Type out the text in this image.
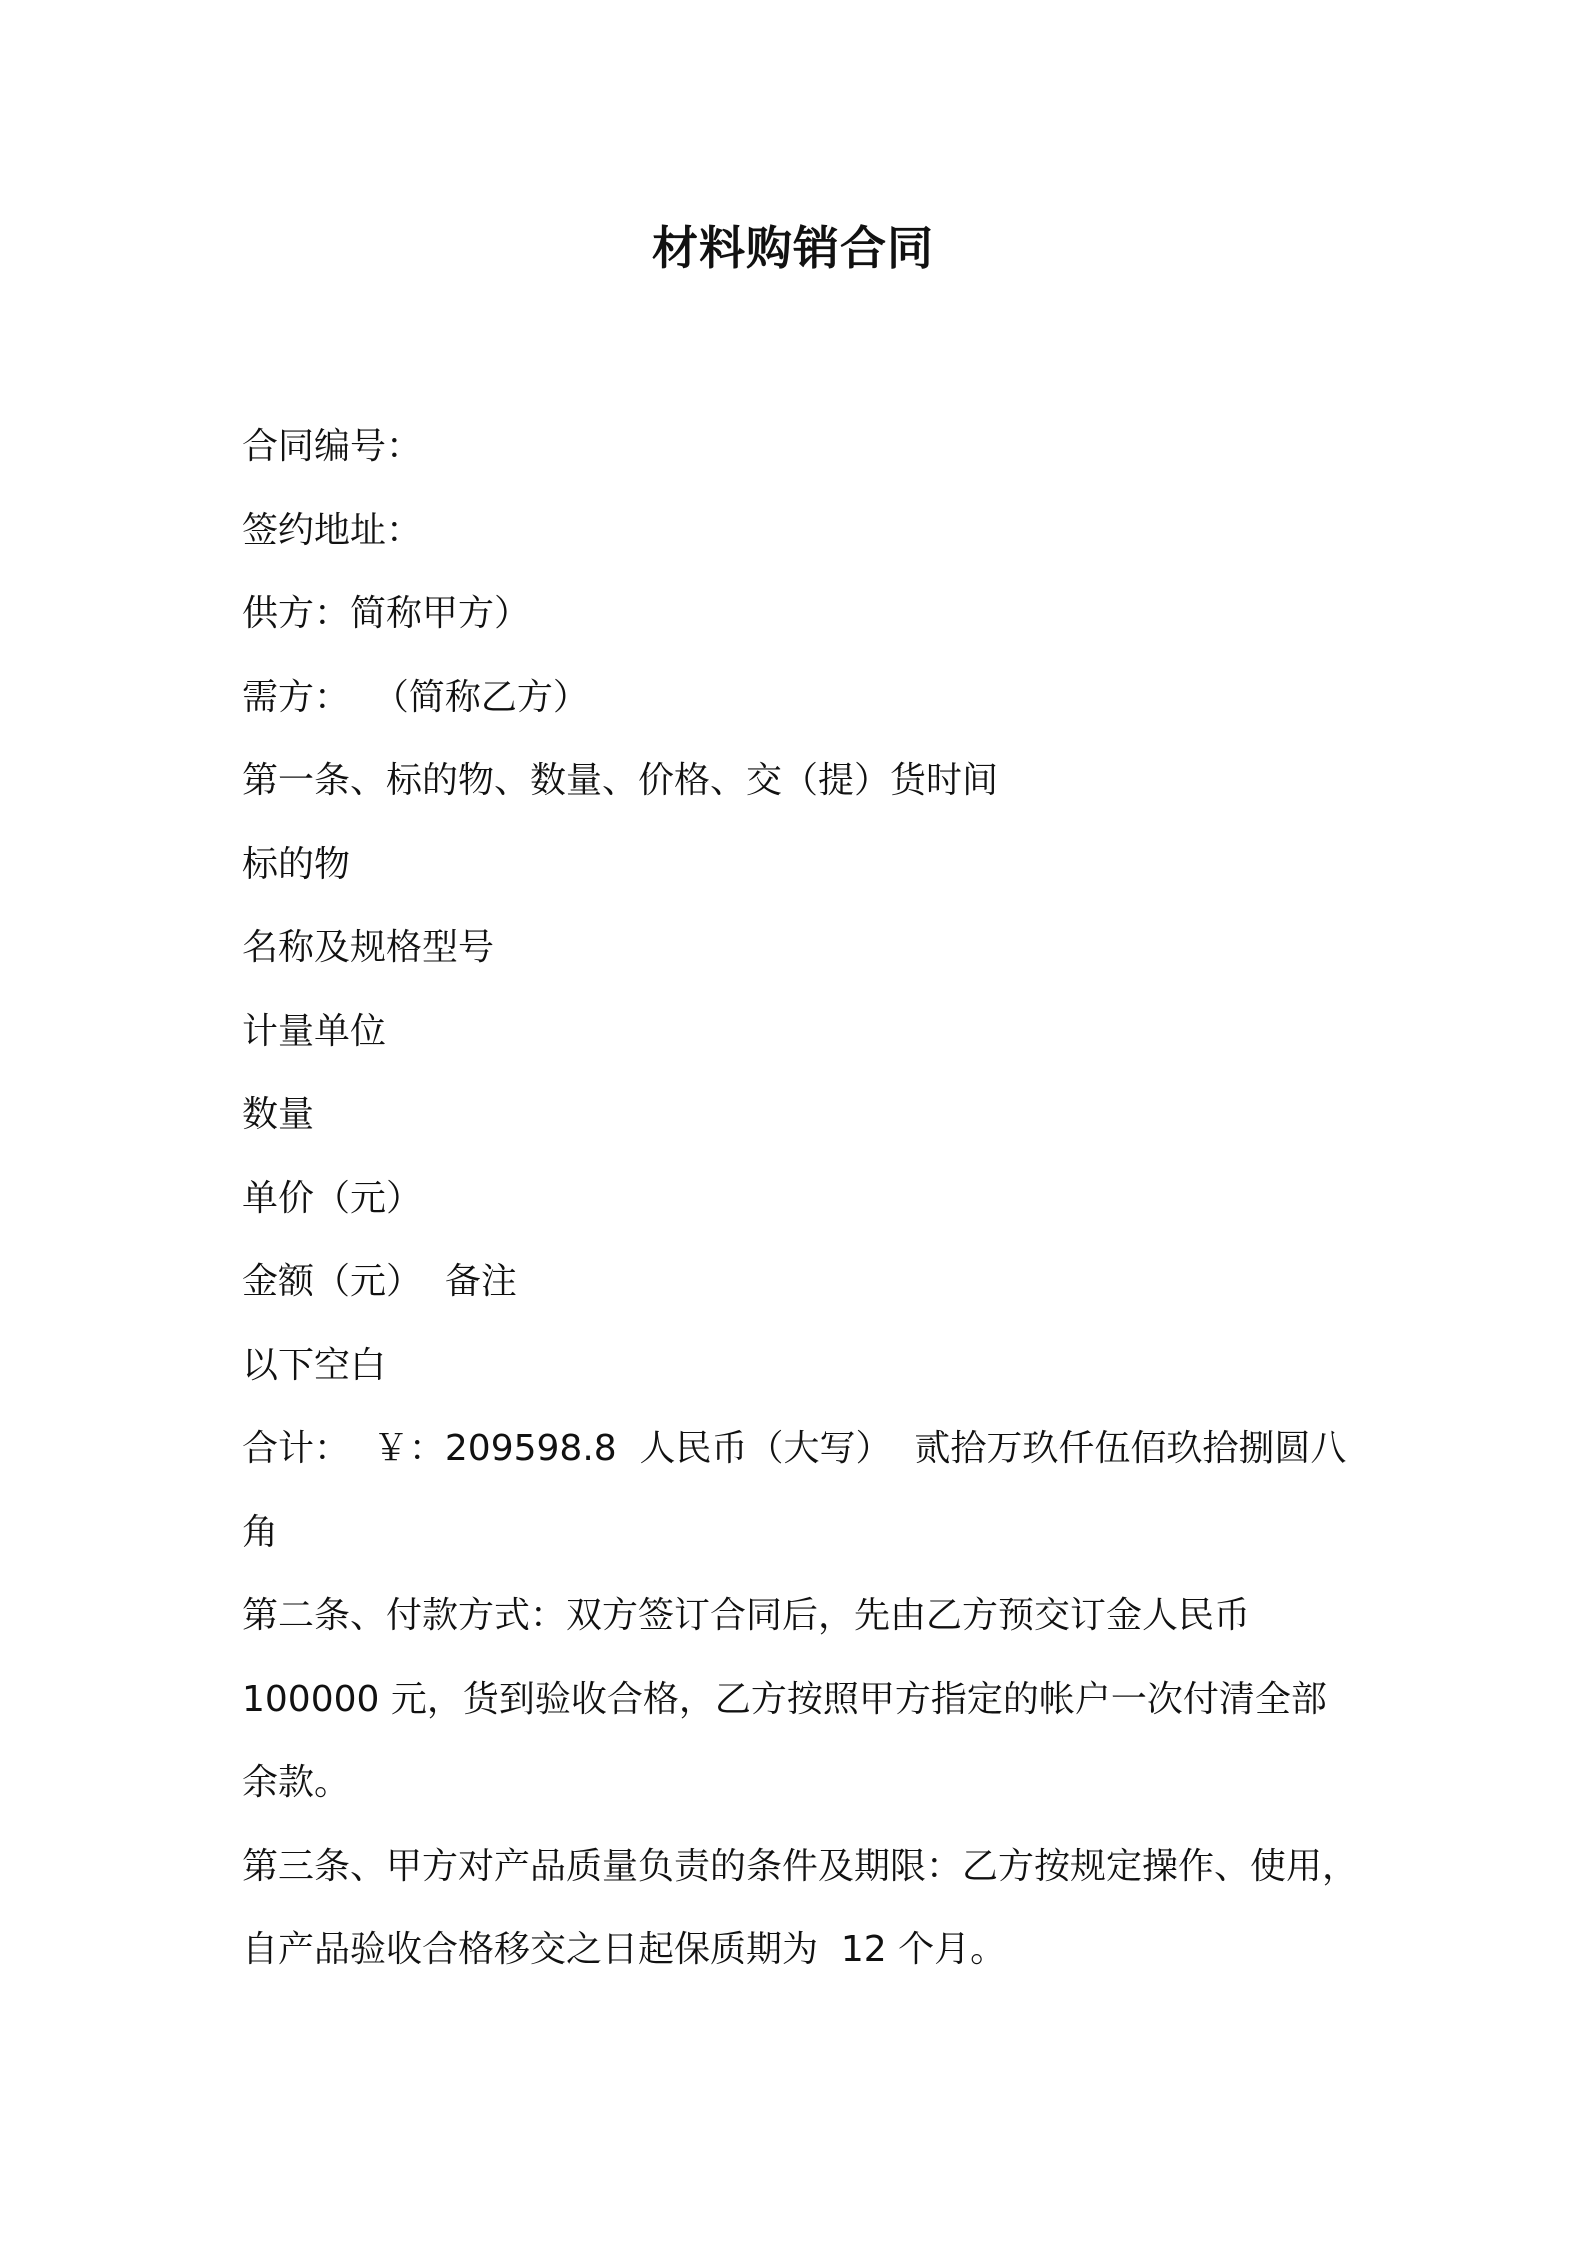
材料购销合同
合同编号：
签约地址：
供方：简称甲方）
需方：  （简称乙方）
第一条、标的物、数量、价格、交（提）货时间
标的物
名称及规格型号
计量单位
数量
单价（元）
金额（元）  备注
以下空白
合计：  ￥：209598.8  人民币（大写）  贰拾万玖仟伍佰玖拾捌圆八
角
第二条、付款方式：双方签订合同后，先由乙方预交订金人民币
100000 元，货到验收合格，乙方按照甲方指定的帐户一次付清全部
余款。
第三条、甲方对产品质量负责的条件及期限：乙方按规定操作、使用，
自产品验收合格移交之日起保质期为  12 个月。
